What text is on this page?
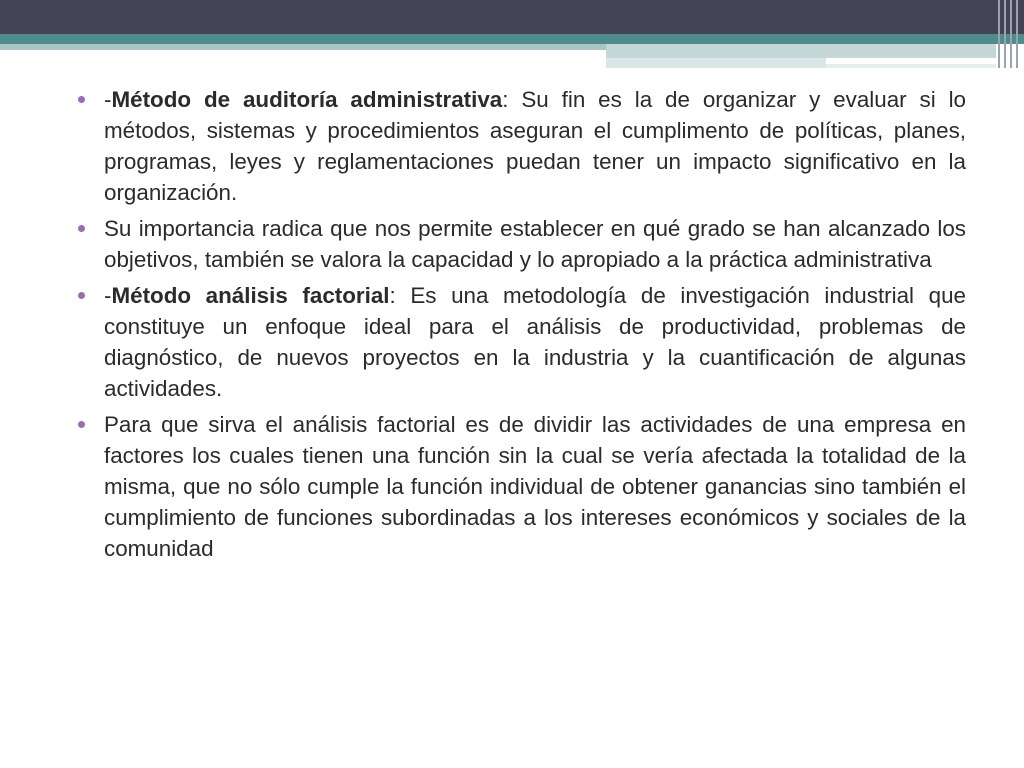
-Método de auditoría administrativa: Su fin es la de organizar y evaluar si lo métodos, sistemas y procedimientos aseguran el cumplimento de políticas, planes, programas, leyes y reglamentaciones puedan tener un impacto significativo en la organización.
Su importancia radica que nos permite establecer en qué grado se han alcanzado los objetivos, también se valora la capacidad y lo apropiado a la práctica administrativa
-Método análisis factorial: Es una metodología de investigación industrial que constituye un enfoque ideal para el análisis de productividad, problemas de diagnóstico, de nuevos proyectos en la industria y la cuantificación de algunas actividades.
Para que sirva el análisis factorial es de dividir las actividades de una empresa en factores los cuales tienen una función sin la cual se vería afectada la totalidad de la misma, que no sólo cumple la función individual de obtener ganancias sino también el cumplimiento de funciones subordinadas a los intereses económicos y sociales de la comunidad
